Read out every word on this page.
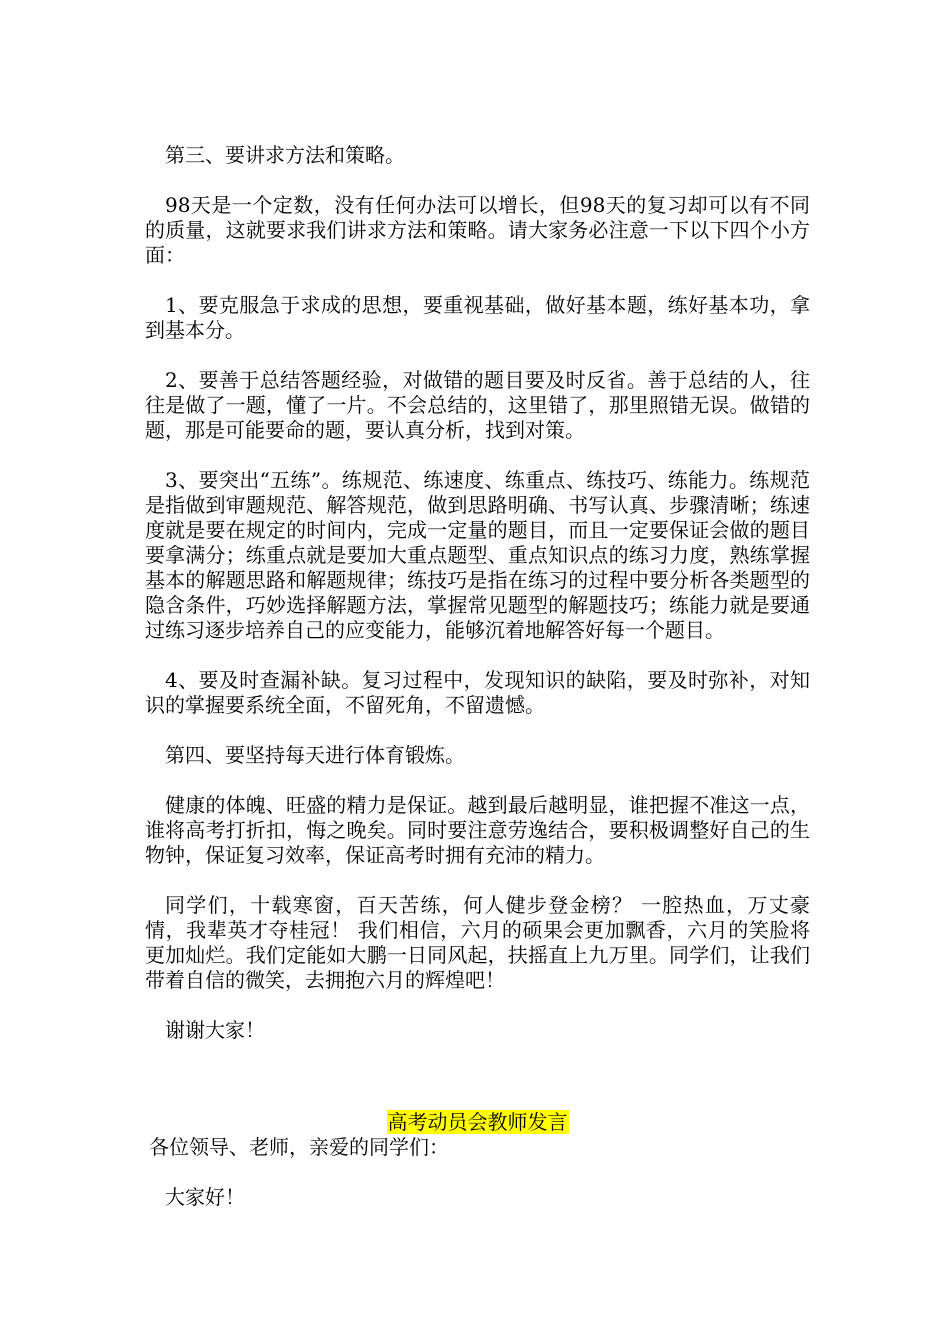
第三、要讲求方法和策略。

98天是一个定数，没有任何办法可以增长，但98天的复习却可以有不同的质量，这就要求我们讲求方法和策略。请大家务必注意一下以下四个小方面：

1、要克服急于求成的思想，要重视基础，做好基本题，练好基本功，拿到基本分。

2、要善于总结答题经验，对做错的题目要及时反省。善于总结的人，往往是做了一题，懂了一片。不会总结的，这里错了，那里照错无误。做错的题，那是可能要命的题，要认真分析，找到对策。

3、要突出“五练”。练规范、练速度、练重点、练技巧、练能力。练规范是指做到审题规范、解答规范，做到思路明确、书写认真、步骤清晰；练速度就是要在规定的时间内，完成一定量的题目，而且一定要保证会做的题目要拿满分；练重点就是要加大重点题型、重点知识点的练习力度，熟练掌握基本的解题思路和解题规律；练技巧是指在练习的过程中要分析各类题型的隐含条件，巧妙选择解题方法，掌握常见题型的解题技巧；练能力就是要通过练习逐步培养自己的应变能力，能够沉着地解答好每一个题目。

4、要及时查漏补缺。复习过程中，发现知识的缺陷，要及时弥补，对知识的掌握要系统全面，不留死角，不留遗憾。

第四、要坚持每天进行体育锻炼。

健康的体魄、旺盛的精力是保证。越到最后越明显，谁把握不准这一点，谁将高考打折扣，悔之晚矣。同时要注意劳逸结合，要积极调整好自己的生物钟，保证复习效率，保证高考时拥有充沛的精力。

同学们，十载寒窗，百天苦练，何人健步登金榜？ 一腔热血，万丈豪情，我辈英才夺桂冠！ 我们相信，六月的硕果会更加飘香，六月的笑脸将更加灿烂。我们定能如大鹏一日同风起，扶摇直上九万里。同学们，让我们带着自信的微笑，去拥抱六月的辉煌吧！

谢谢大家！

高考动员会教师发言

各位领导、老师，亲爱的同学们：

大家好！
